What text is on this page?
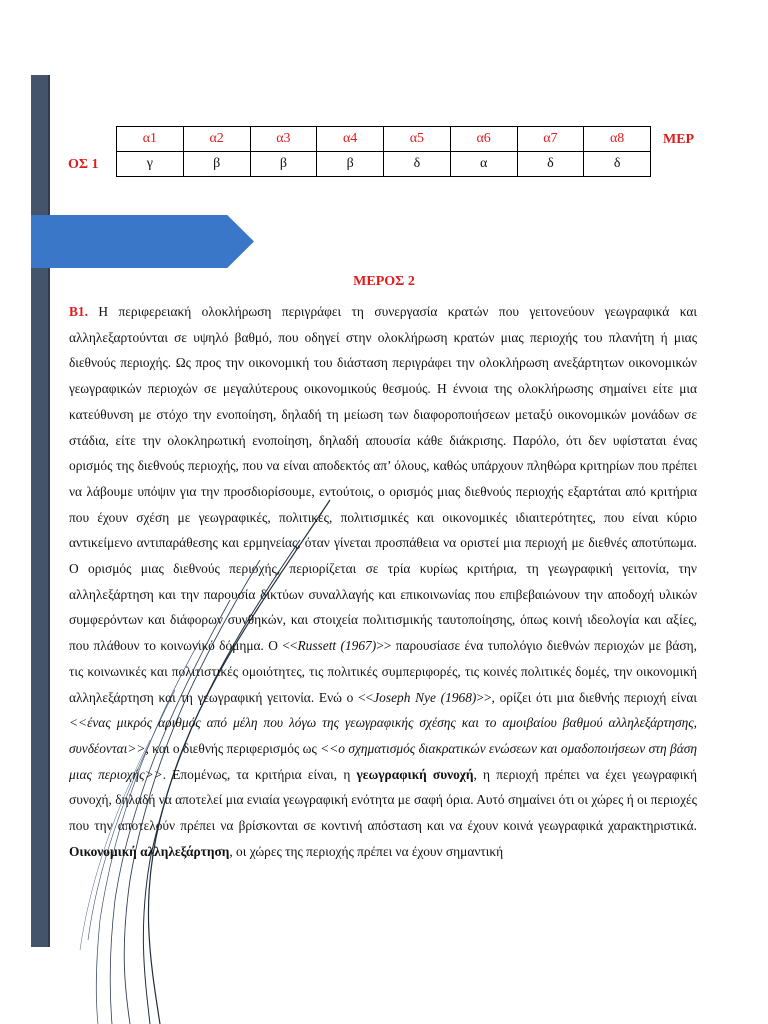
ΟΣ 1
ΜΕΡ
α1	α2	α3	α4	α5	α6	α7	α8
γ	β	β	β	δ	α	δ	δ
ΜΕΡΟΣ 2

Β1. Η περιφερειακή ολοκλήρωση περιγράφει τη συνεργασία κρατών που γειτονεύουν γεωγραφικά και αλληλεξαρτούνται σε υψηλό βαθμό, που οδηγεί στην ολοκλήρωση κρατών μιας περιοχής του πλανήτη ή μιας διεθνούς περιοχής. Ως προς την οικονομική του διάσταση περιγράφει την ολοκλήρωση ανεξάρτητων οικονομικών γεωγραφικών περιοχών σε μεγαλύτερους οικονομικούς θεσμούς. Η έννοια της ολοκλήρωσης σημαίνει είτε μια κατεύθυνση με στόχο την ενοποίηση, δηλαδή τη μείωση των διαφοροποιήσεων μεταξύ οικονομικών μονάδων σε στάδια, είτε την ολοκληρωτική ενοποίηση, δηλαδή απουσία κάθε διάκρισης. Παρόλο, ότι δεν υφίσταται ένας ορισμός της διεθνούς περιοχής, που να είναι αποδεκτός απ’ όλους, καθώς υπάρχουν πληθώρα κριτηρίων που πρέπει να λάβουμε υπόψιν για την προσδιορίσουμε, εντούτοις, ο ορισμός μιας διεθνούς περιοχής εξαρτάται από κριτήρια που έχουν σχέση με γεωγραφικές, πολιτικές, πολιτισμικές και οικονομικές ιδιαιτερότητες, που είναι κύριο αντικείμενο αντιπαράθεσης και ερμηνείας, όταν γίνεται προσπάθεια να οριστεί μια περιοχή με διεθνές αποτύπωμα. Ο ορισμός μιας διεθνούς περιοχής, περιορίζεται σε τρία κυρίως κριτήρια, τη γεωγραφική γειτονία, την αλληλεξάρτηση και την παρουσία δικτύων συναλλαγής και επικοινωνίας που επιβεβαιώνουν την αποδοχή υλικών συμφερόντων και διάφορων συνθηκών, και στοιχεία πολιτισμικής ταυτοποίησης, όπως κοινή ιδεολογία και αξίες, που πλάθουν το κοινωνικό δόμημα. Ο <<Russett (1967)>> παρουσίασε ένα τυπολόγιο διεθνών περιοχών με βάση, τις κοινωνικές και πολιτιστικές ομοιότητες, τις πολιτικές συμπεριφορές, τις κοινές πολιτικές δομές, την οικονομική αλληλεξάρτηση και τη γεωγραφική γειτονία. Ενώ ο <<Joseph Nye (1968)>>, ορίζει ότι μια διεθνής περιοχή είναι <<ένας μικρός αριθμός από μέλη που λόγω της γεωγραφικής σχέσης και το αμοιβαίου βαθμού αλληλεξάρτησης, συνδέονται>>, και ο διεθνής περιφερισμός ως <<ο σχηματισμός διακρατικών ενώσεων και ομαδοποιήσεων στη βάση μιας περιοχής>>. Επομένως, τα κριτήρια είναι, η γεωγραφική συνοχή, η περιοχή πρέπει να έχει γεωγραφική συνοχή, δηλαδή να αποτελεί μια ενιαία γεωγραφική ενότητα με σαφή όρια. Αυτό σημαίνει ότι οι χώρες ή οι περιοχές που την αποτελούν πρέπει να βρίσκονται σε κοντινή απόσταση και να έχουν κοινά γεωγραφικά χαρακτηριστικά. Οικονομική αλληλεξάρτηση, οι χώρες της περιοχής πρέπει να έχουν σημαντική
